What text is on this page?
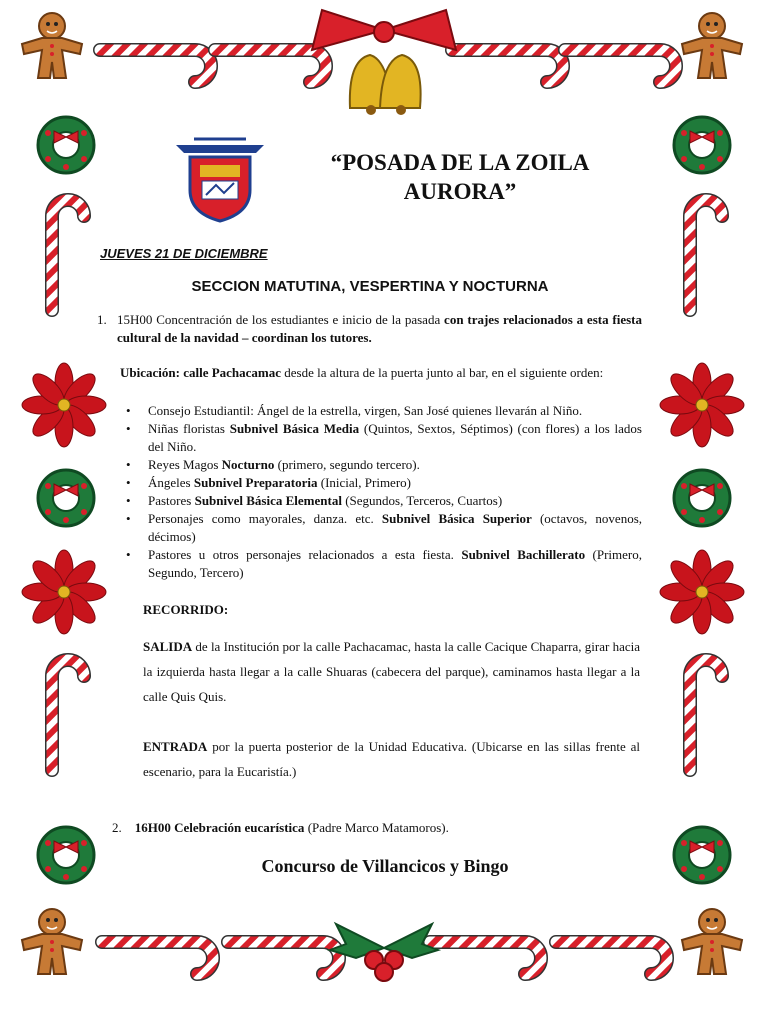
“POSADA DE LA ZOILA
AURORA”
JUEVES 21 DE DICIEMBRE
SECCION MATUTINA, VESPERTINA Y NOCTURNA
1. 15H00 Concentración de los estudiantes e inicio de la pasada con trajes relacionados a esta fiesta cultural de la navidad – coordinan los tutores.
Ubicación: calle Pachacamac desde la altura de la puerta junto al bar, en el siguiente orden:
• Consejo Estudiantil: Ángel de la estrella, virgen, San José quienes llevarán al Niño.
• Niñas floristas Subnivel Básica Media (Quintos, Sextos, Séptimos) (con flores) a los lados del Niño.
• Reyes Magos Nocturno (primero, segundo tercero).
• Ángeles Subnivel Preparatoria (Inicial, Primero)
• Pastores Subnivel Básica Elemental (Segundos, Terceros, Cuartos)
• Personajes como mayorales, danza. etc. Subnivel Básica Superior (octavos, novenos, décimos)
• Pastores u otros personajes relacionados a esta fiesta. Subnivel Bachillerato (Primero, Segundo, Tercero)
RECORRIDO:
SALIDA de la Institución por la calle Pachacamac, hasta la calle Cacique Chaparra, girar hacia la izquierda hasta llegar a la calle Shuaras (cabecera del parque), caminamos hasta llegar a la calle Quis Quis.
ENTRADA por la puerta posterior de la Unidad Educativa. (Ubicarse en las sillas frente al escenario, para la Eucaristía.)
2. 16H00 Celebración eucarística (Padre Marco Matamoros).
Concurso de Villancicos y Bingo
